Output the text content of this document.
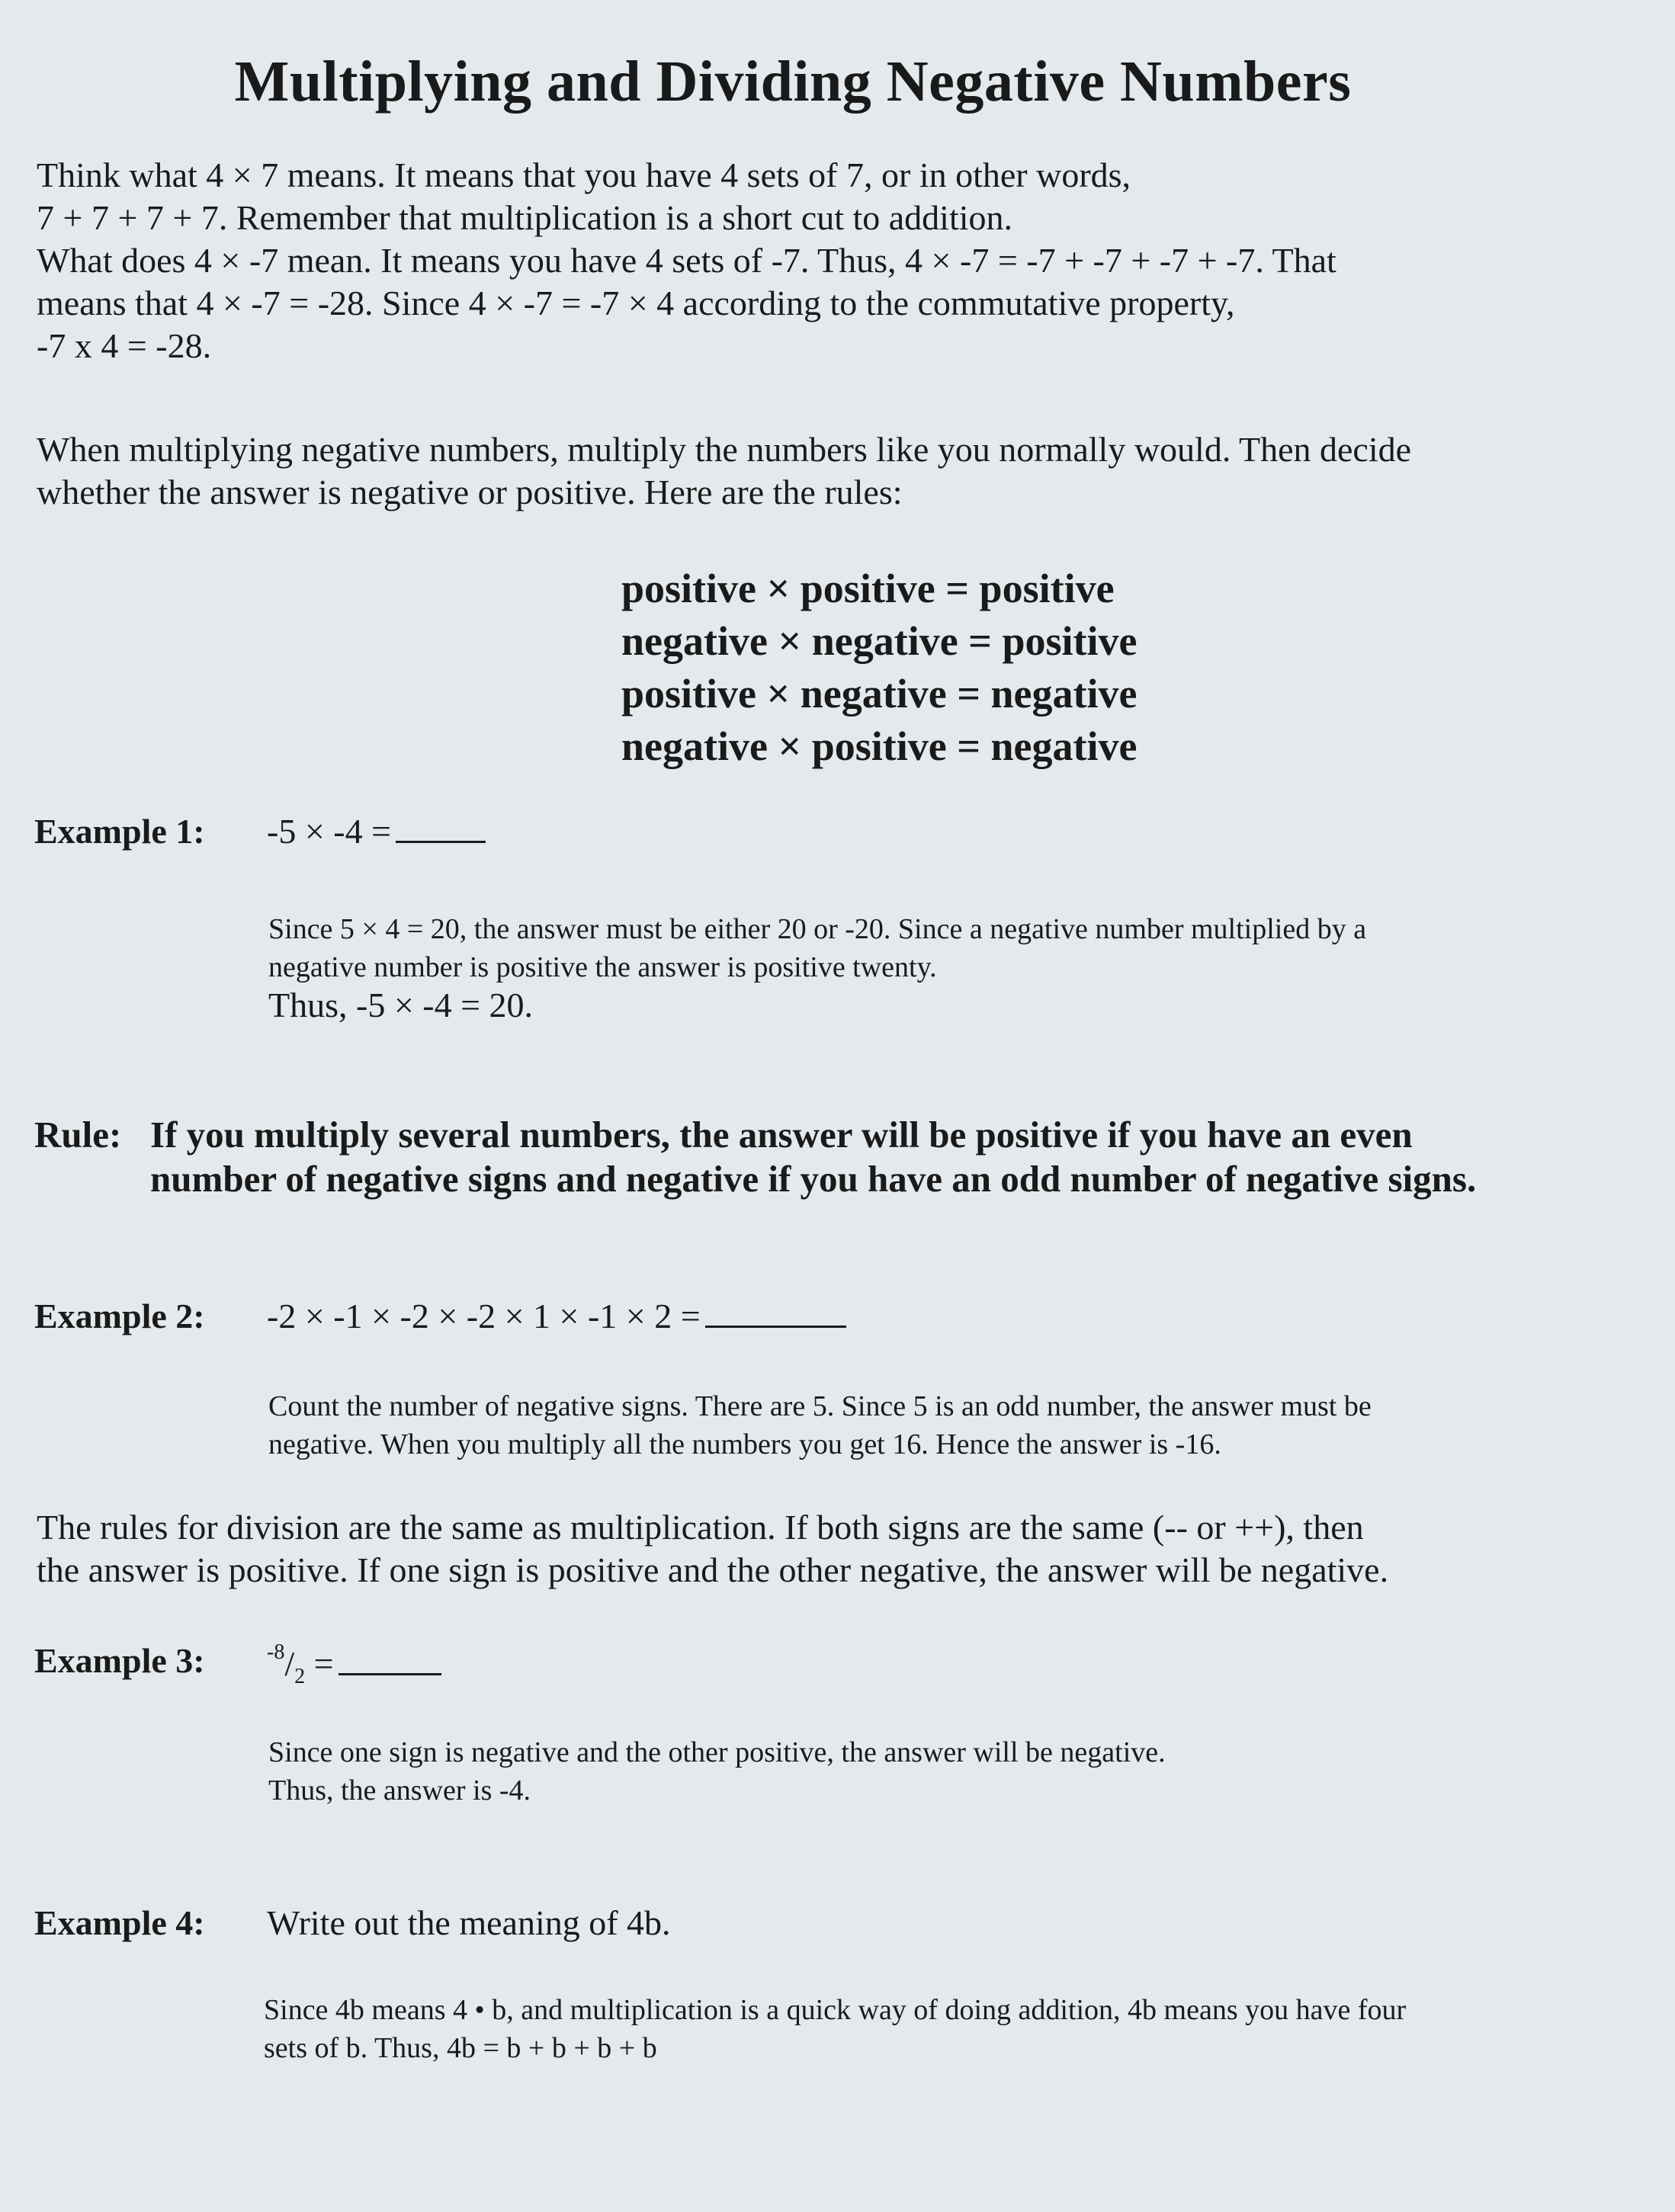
Multiplying and Dividing Negative Numbers
Think what 4 × 7 means. It means that you have 4 sets of 7, or in other words,
7 + 7 + 7 + 7. Remember that multiplication is a short cut to addition.
What does 4 × -7 mean. It means you have 4 sets of -7. Thus, 4 × -7 = -7 + -7 + -7 + -7. That
means that 4 × -7 = -28. Since 4 × -7 = -7 × 4 according to the commutative property,
-7 x 4 = -28.
When multiplying negative numbers, multiply the numbers like you normally would. Then decide
whether the answer is negative or positive. Here are the rules:
positive × positive = positive
negative × negative = positive
positive × negative = negative
negative × positive = negative
Example 1: -5 × -4 =
Since 5 × 4 = 20, the answer must be either 20 or -20. Since a negative number multiplied by a
negative number is positive the answer is positive twenty.
Thus, -5 × -4 = 20.
Rule: If you multiply several numbers, the answer will be positive if you have an even
number of negative signs and negative if you have an odd number of negative signs.
Example 2: -2 × -1 × -2 × -2 × 1 × -1 × 2 =
Count the number of negative signs. There are 5. Since 5 is an odd number, the answer must be
negative. When you multiply all the numbers you get 16. Hence the answer is -16.
The rules for division are the same as multiplication. If both signs are the same (-- or ++), then
the answer is positive. If one sign is positive and the other negative, the answer will be negative.
Example 3:	$^{-8}/_2$ =
Since one sign is negative and the other positive, the answer will be negative.
Thus, the answer is -4.
Example 4: Write out the meaning of 4b.
Since 4b means 4 • b, and multiplication is a quick way of doing addition, 4b means you have four
sets of b. Thus, 4b = b + b + b + b
